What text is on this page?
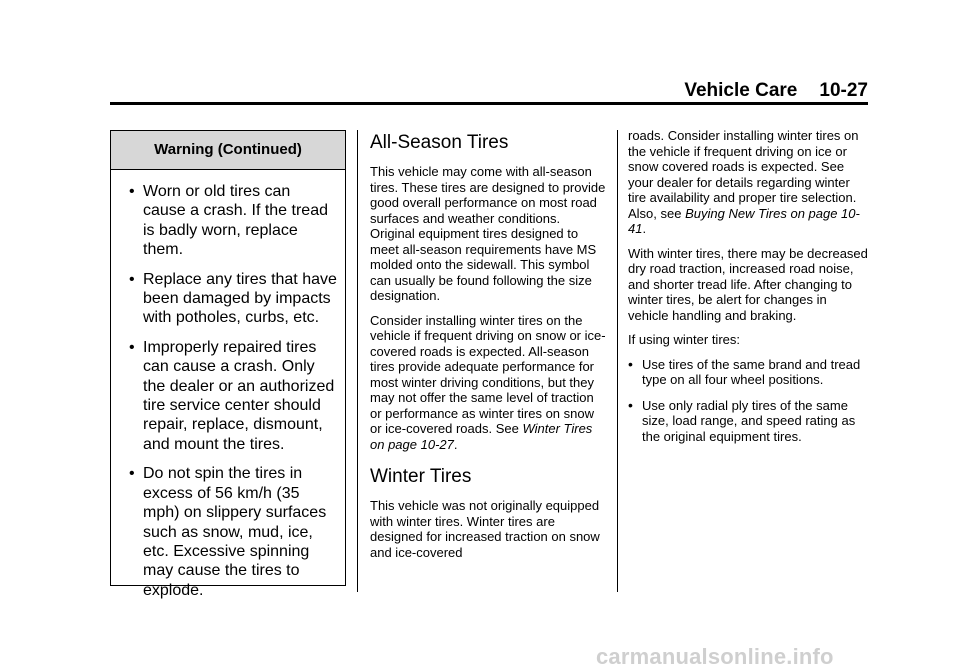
Vehicle Care 10-27
Warning (Continued)
• Worn or old tires can cause a crash. If the tread is badly worn, replace them.
• Replace any tires that have been damaged by impacts with potholes, curbs, etc.
• Improperly repaired tires can cause a crash. Only the dealer or an authorized tire service center should repair, replace, dismount, and mount the tires.
• Do not spin the tires in excess of 56 km/h (35 mph) on slippery surfaces such as snow, mud, ice, etc. Excessive spinning may cause the tires to explode.
All-Season Tires

This vehicle may come with all-season tires. These tires are designed to provide good overall performance on most road surfaces and weather conditions. Original equipment tires designed to meet all-season requirements have MS molded onto the sidewall. This symbol can usually be found following the size designation.

Consider installing winter tires on the vehicle if frequent driving on snow or ice-covered roads is expected. All-season tires provide adequate performance for most winter driving conditions, but they may not offer the same level of traction or performance as winter tires on snow or ice-covered roads. See Winter Tires on page 10-27.

Winter Tires

This vehicle was not originally equipped with winter tires. Winter tires are designed for increased traction on snow and ice-covered

roads. Consider installing winter tires on the vehicle if frequent driving on ice or snow covered roads is expected. See your dealer for details regarding winter tire availability and proper tire selection. Also, see Buying New Tires on page 10-41.

With winter tires, there may be decreased dry road traction, increased road noise, and shorter tread life. After changing to winter tires, be alert for changes in vehicle handling and braking.

If using winter tires:

• Use tires of the same brand and tread type on all four wheel positions.
• Use only radial ply tires of the same size, load range, and speed rating as the original equipment tires.
carmanualsonline.info
